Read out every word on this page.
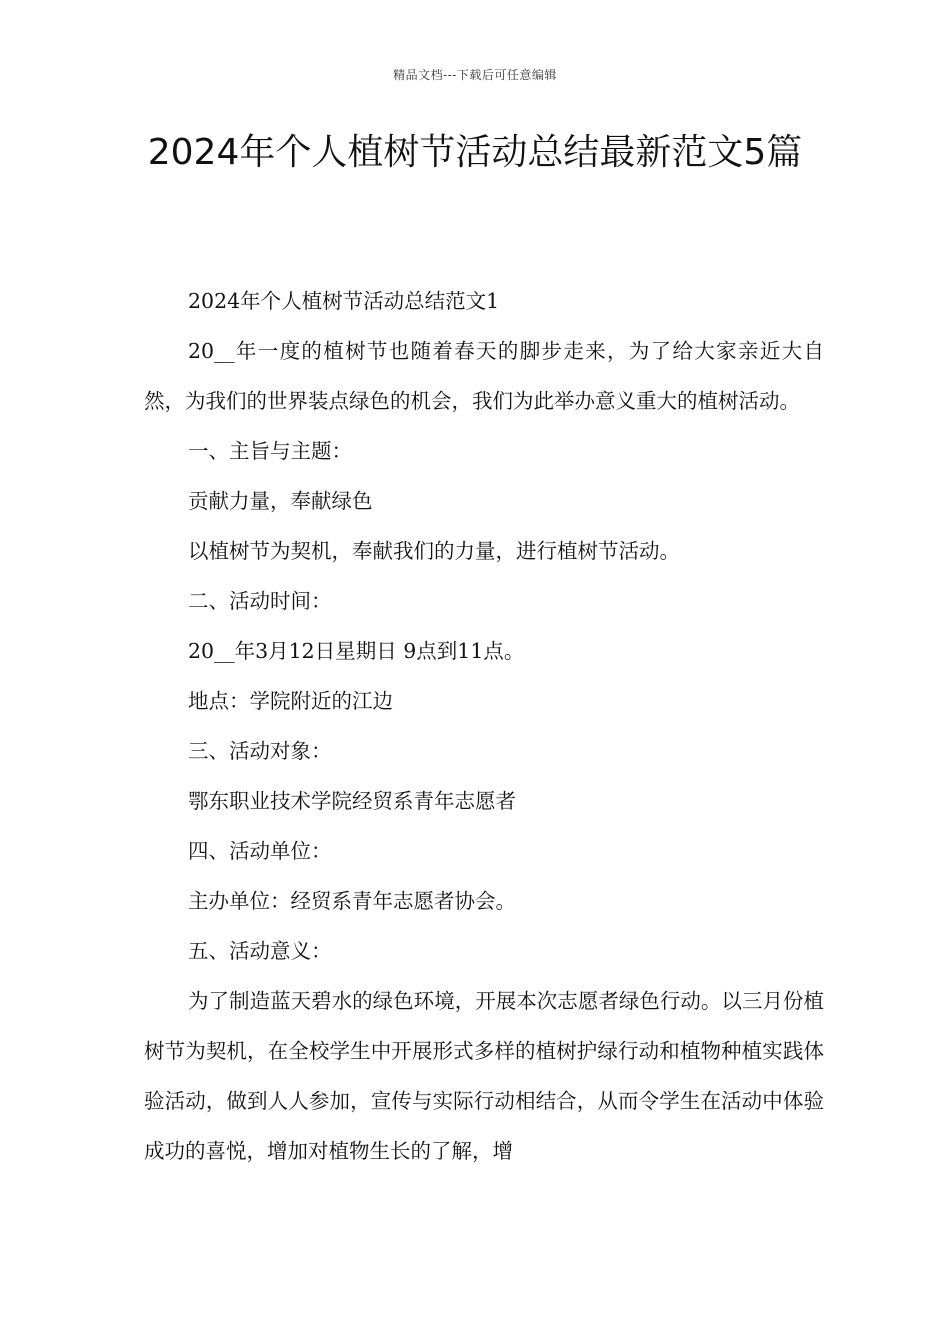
精品文档---下载后可任意编辑
2024年个人植树节活动总结最新范文5篇

2024年个人植树节活动总结范文1

20__年一度的植树节也随着春天的脚步走来，为了给大家亲近大自然，为我们的世界装点绿色的机会，我们为此举办意义重大的植树活动。

一、主旨与主题：

贡献力量，奉献绿色

以植树节为契机，奉献我们的力量，进行植树节活动。

二、活动时间：

20__年3月12日星期日 9点到11点。

地点：学院附近的江边

三、活动对象：

鄂东职业技术学院经贸系青年志愿者

四、活动单位：

主办单位：经贸系青年志愿者协会。

五、活动意义：

为了制造蓝天碧水的绿色环境，开展本次志愿者绿色行动。以三月份植树节为契机，在全校学生中开展形式多样的植树护绿行动和植物种植实践体验活动，做到人人参加，宣传与实际行动相结合，从而令学生在活动中体验成功的喜悦，增加对植物生长的了解，增
